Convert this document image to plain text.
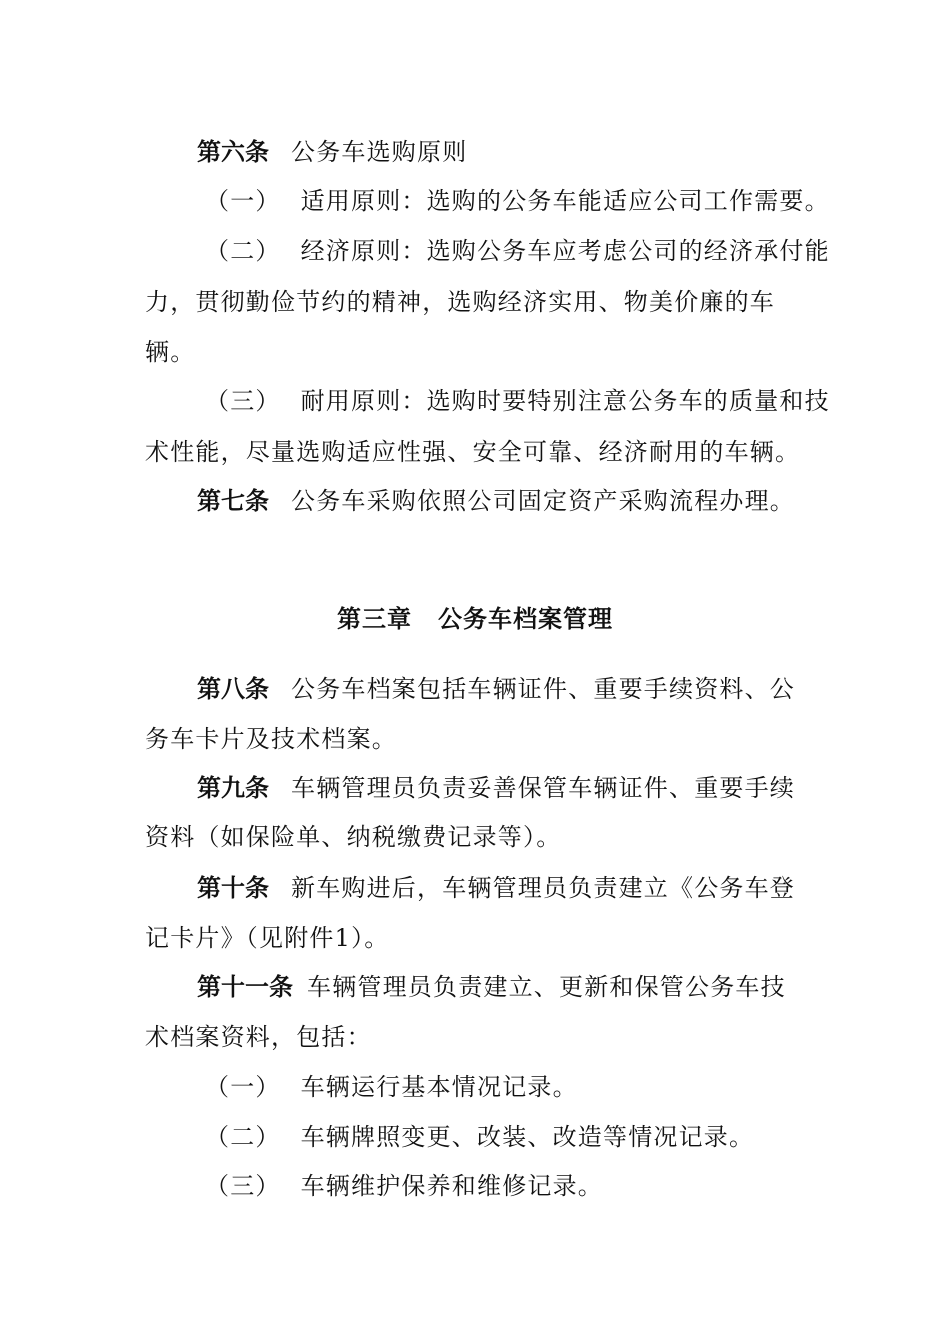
第六条 公务车选购原则
（一） 适用原则：选购的公务车能适应公司工作需要。
（二） 经济原则：选购公务车应考虑公司的经济承付能
力，贯彻勤俭节约的精神，选购经济实用、物美价廉的车
辆。
（三） 耐用原则：选购时要特别注意公务车的质量和技
术性能，尽量选购适应性强、安全可靠、经济耐用的车辆。
第七条 公务车采购依照公司固定资产采购流程办理。
第三章 公务车档案管理
第八条 公务车档案包括车辆证件、重要手续资料、公
务车卡片及技术档案。
第九条 车辆管理员负责妥善保管车辆证件、重要手续
资料（如保险单、纳税缴费记录等）。
第十条 新车购进后，车辆管理员负责建立《公务车登
记卡片》（见附件1）。
第十一条 车辆管理员负责建立、更新和保管公务车技
术档案资料，包括：
（一） 车辆运行基本情况记录。
（二） 车辆牌照变更、改装、改造等情况记录。
（三） 车辆维护保养和维修记录。
